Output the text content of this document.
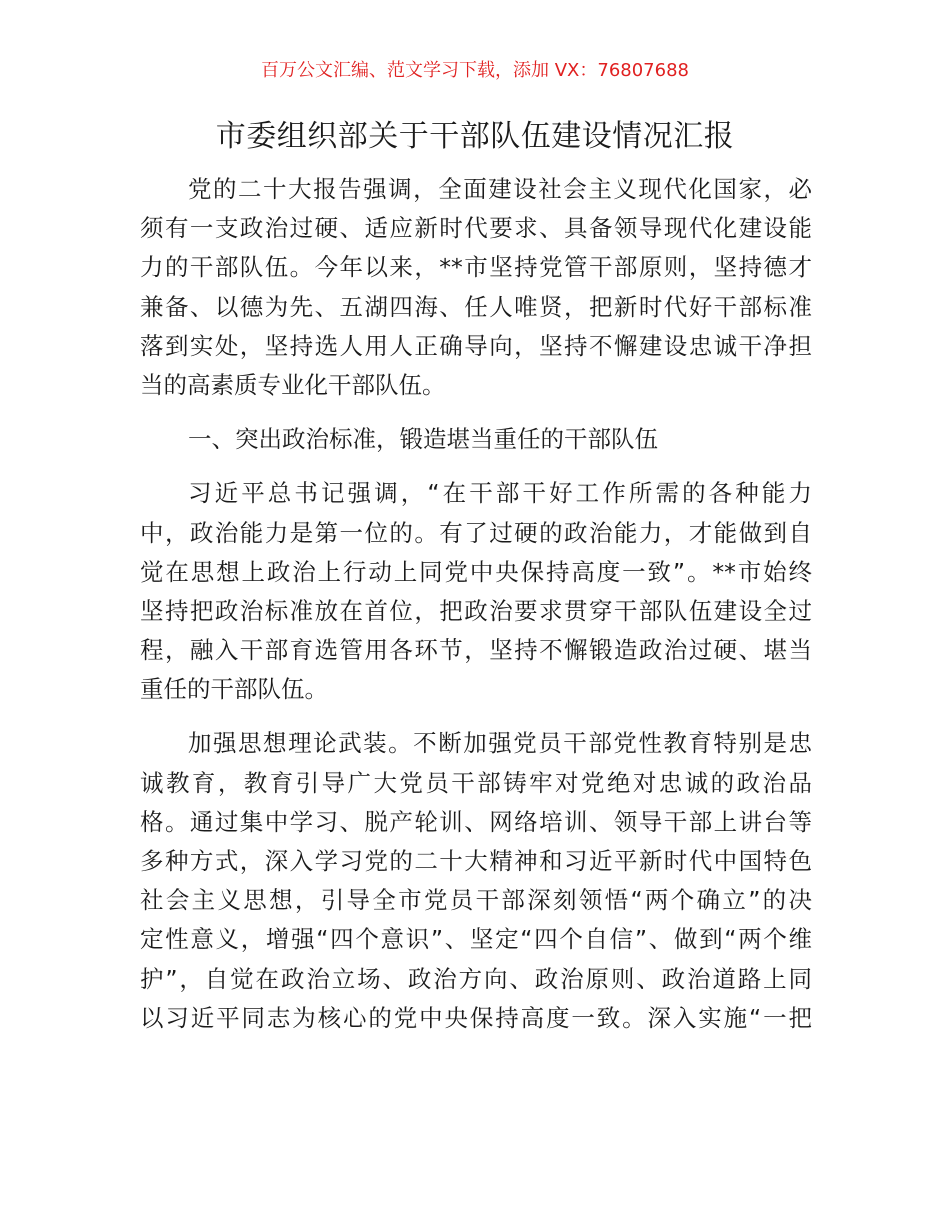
百万公文汇编、范文学习下载，添加 VX：76807688
市委组织部关于干部队伍建设情况汇报
党的二十大报告强调，全面建设社会主义现代化国家，必
须有一支政治过硬、适应新时代要求、具备领导现代化建设能
力的干部队伍。今年以来，**市坚持党管干部原则，坚持德才
兼备、以德为先、五湖四海、任人唯贤，把新时代好干部标准
落到实处，坚持选人用人正确导向，坚持不懈建设忠诚干净担
当的高素质专业化干部队伍。
一、突出政治标准，锻造堪当重任的干部队伍
习近平总书记强调，“在干部干好工作所需的各种能力
中，政治能力是第一位的。有了过硬的政治能力，才能做到自
觉在思想上政治上行动上同党中央保持高度一致”。**市始终
坚持把政治标准放在首位，把政治要求贯穿干部队伍建设全过
程，融入干部育选管用各环节，坚持不懈锻造政治过硬、堪当
重任的干部队伍。
加强思想理论武装。不断加强党员干部党性教育特别是忠
诚教育，教育引导广大党员干部铸牢对党绝对忠诚的政治品
格。通过集中学习、脱产轮训、网络培训、领导干部上讲台等
多种方式，深入学习党的二十大精神和习近平新时代中国特色
社会主义思想，引导全市党员干部深刻领悟“两个确立”的决
定性意义，增强“四个意识”、坚定“四个自信”、做到“两个维
护”，自觉在政治立场、政治方向、政治原则、政治道路上同
以习近平同志为核心的党中央保持高度一致。深入实施“一把
